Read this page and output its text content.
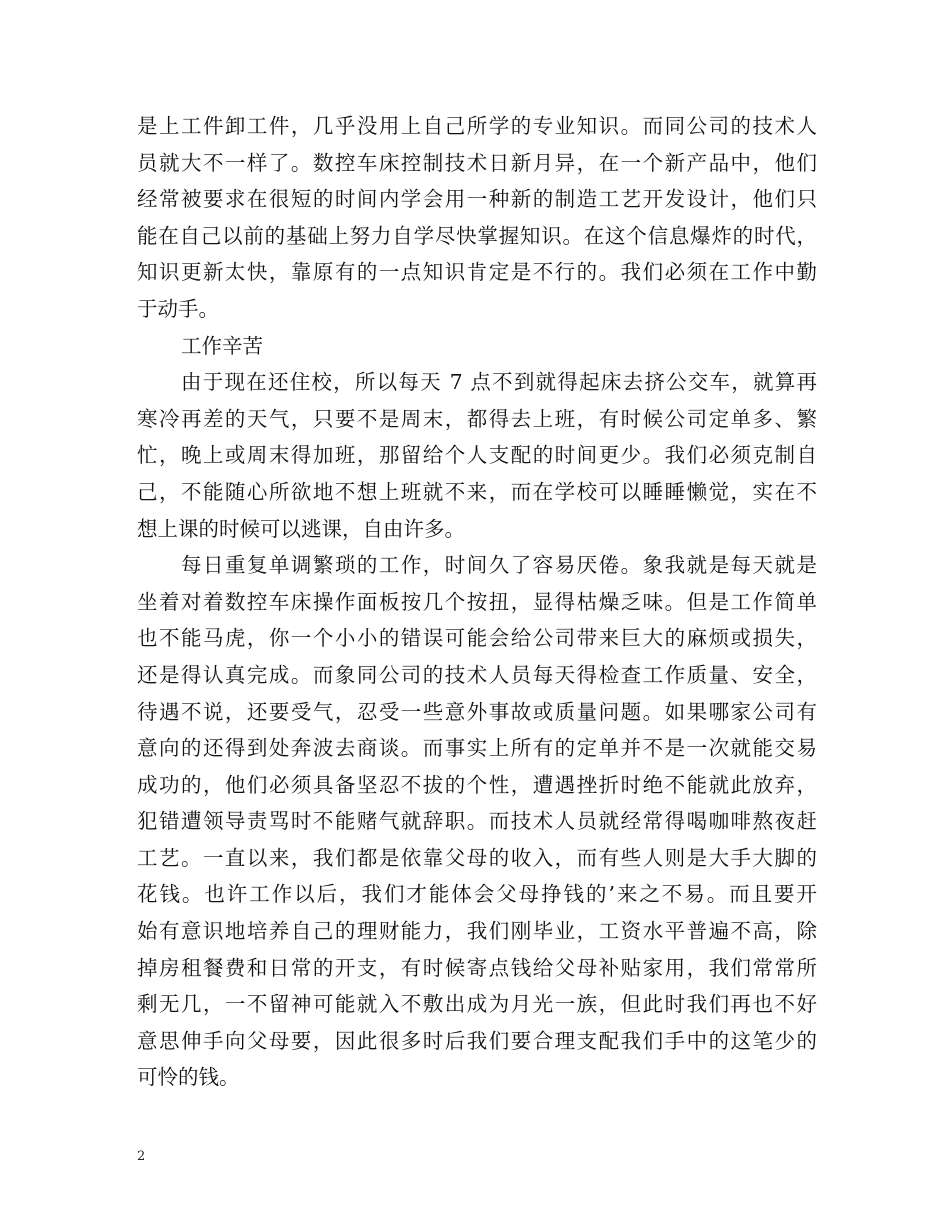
是上工件卸工件，几乎没用上自己所学的专业知识。而同公司的技术人
员就大不一样了。数控车床控制技术日新月异，在一个新产品中，他们
经常被要求在很短的时间内学会用一种新的制造工艺开发设计，他们只
能在自己以前的基础上努力自学尽快掌握知识。在这个信息爆炸的时代，
知识更新太快，靠原有的一点知识肯定是不行的。我们必须在工作中勤
于动手。
工作辛苦
由于现在还住校，所以每天 7 点不到就得起床去挤公交车，就算再
寒冷再差的天气，只要不是周末，都得去上班，有时候公司定单多、繁
忙，晚上或周末得加班，那留给个人支配的时间更少。我们必须克制自
己，不能随心所欲地不想上班就不来，而在学校可以睡睡懒觉，实在不
想上课的时候可以逃课，自由许多。
每日重复单调繁琐的工作，时间久了容易厌倦。象我就是每天就是
坐着对着数控车床操作面板按几个按扭，显得枯燥乏味。但是工作简单
也不能马虎，你一个小小的错误可能会给公司带来巨大的麻烦或损失，
还是得认真完成。而象同公司的技术人员每天得检查工作质量、安全，
待遇不说，还要受气，忍受一些意外事故或质量问题。如果哪家公司有
意向的还得到处奔波去商谈。而事实上所有的定单并不是一次就能交易
成功的，他们必须具备坚忍不拔的个性，遭遇挫折时绝不能就此放弃，
犯错遭领导责骂时不能赌气就辞职。而技术人员就经常得喝咖啡熬夜赶
工艺。一直以来，我们都是依靠父母的收入，而有些人则是大手大脚的
花钱。也许工作以后，我们才能体会父母挣钱的’来之不易。而且要开
始有意识地培养自己的理财能力，我们刚毕业，工资水平普遍不高，除
掉房租餐费和日常的开支，有时候寄点钱给父母补贴家用，我们常常所
剩无几，一不留神可能就入不敷出成为月光一族，但此时我们再也不好
意思伸手向父母要，因此很多时后我们要合理支配我们手中的这笔少的
可怜的钱。
2
